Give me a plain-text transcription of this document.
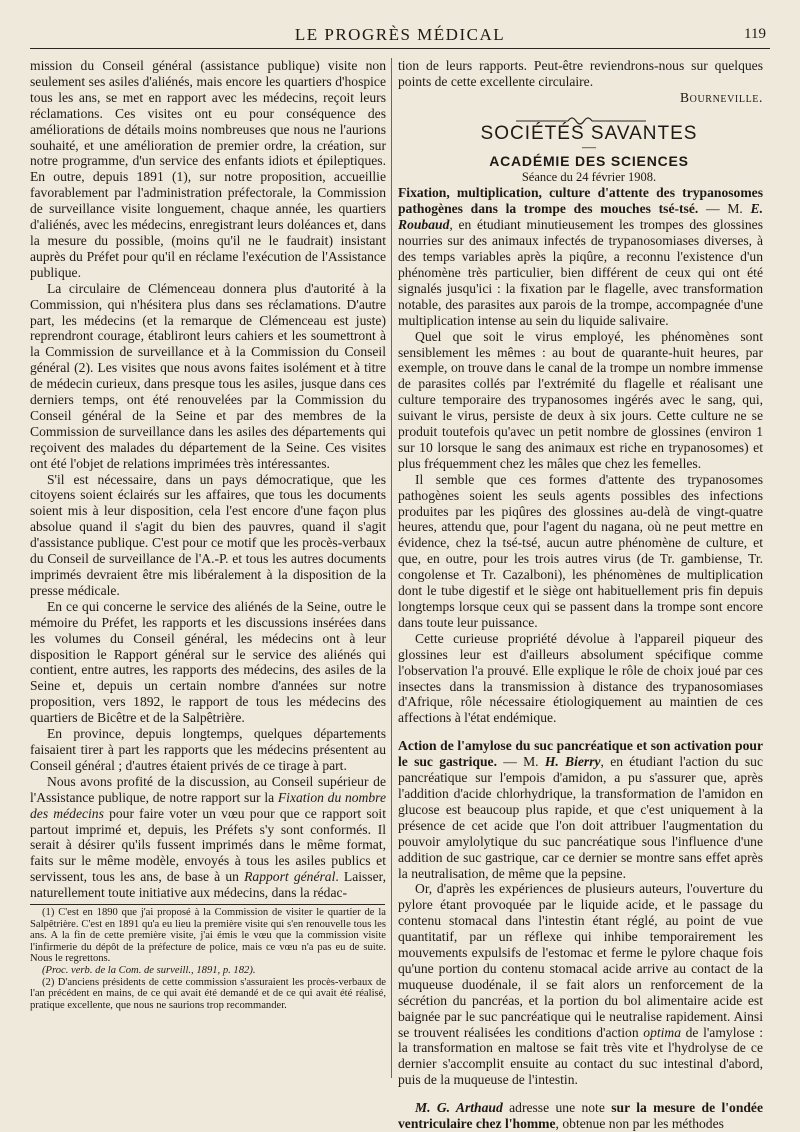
LE PROGRÈS MÉDICAL	119

mission du Conseil général (assistance publique) visite non seulement ses asiles d'aliénés, mais encore les quartiers d'hospice tous les ans, se met en rapport avec les médecins, reçoit leurs réclamations. Ces visites ont eu pour conséquence des améliorations de détails moins nombreuses que nous ne l'aurions souhaité, et une amélioration de premier ordre, la création, sur notre programme, d'un service des enfants idiots et épileptiques. En outre, depuis 1891 (1), sur notre proposition, accueillie favorablement par l'administration préfectorale, la Commission de surveillance visite longuement, chaque année, les quartiers d'aliénés, avec les médecins, enregistrant leurs doléances et, dans la mesure du possible, (moins qu'il ne le faudrait) insistant auprès du Préfet pour qu'il en réclame l'exécution de l'Assistance publique.

La circulaire de Clémenceau donnera plus d'autorité à la Commission, qui n'hésitera plus dans ses réclamations. D'autre part, les médecins (et la remarque de Clémenceau est juste) reprendront courage, établiront leurs cahiers et les soumettront à la Commission de surveillance et à la Commission du Conseil général (2). Les visites que nous avons faites isolément et à titre de médecin curieux, dans presque tous les asiles, jusque dans ces derniers temps, ont été renouvelées par la Commission du Conseil général de la Seine et par des membres de la Commission de surveillance dans les asiles des départements qui reçoivent des malades du département de la Seine. Ces visites ont été l'objet de relations imprimées très intéressantes.

S'il est nécessaire, dans un pays démocratique, que les citoyens soient éclairés sur les affaires, que tous les documents soient mis à leur disposition, cela l'est encore d'une façon plus absolue quand il s'agit du bien des pauvres, quand il s'agit d'assistance publique. C'est pour ce motif que les procès-verbaux du Conseil de surveillance de l'A.-P. et tous les autres documents imprimés devraient être mis libéralement à la disposition de la presse médicale.

En ce qui concerne le service des aliénés de la Seine, outre le mémoire du Préfet, les rapports et les discussions insérées dans les volumes du Conseil général, les médecins ont à leur disposition le Rapport général sur le service des aliénés qui contient, entre autres, les rapports des médecins, des asiles de la Seine et, depuis un certain nombre d'années sur notre proposition, vers 1892, le rapport de tous les médecins des quartiers de Bicêtre et de la Salpêtrière.

En province, depuis longtemps, quelques départements faisaient tirer à part les rapports que les médecins présentent au Conseil général ; d'autres étaient privés de ce tirage à part.

Nous avons profité de la discussion, au Conseil supérieur de l'Assistance publique, de notre rapport sur la Fixation du nombre des médecins pour faire voter un vœu pour que ce rapport soit partout imprimé et, depuis, les Préfets s'y sont conformés. Il serait à désirer qu'ils fussent imprimés dans le même format, faits sur le même modèle, envoyés à tous les asiles publics et servissent, tous les ans, de base à un Rapport général. Laisser, naturellement toute initiative aux médecins, dans la rédac-

(1) C'est en 1890 que j'ai proposé à la Commission de visiter le quartier de la Salpêtrière. C'est en 1891 qu'a eu lieu la première visite qui s'en renouvelle tous les ans. A la fin de cette première visite, j'ai émis le vœu que la commission visite l'infirmerie du dépôt de la préfecture de police, mais ce vœu n'a pas eu de suite. Nous le regrettons.

(Proc. verb. de la Com. de surveill., 1891, p. 182).

(2) D'anciens présidents de cette commission s'assuraient les procès-verbaux de l'an précédent en mains, de ce qui avait été demandé et de ce qui avait été réalisé, pratique excellente, que nous ne saurions trop recommander.

tion de leurs rapports. Peut-être reviendrons-nous sur quelques points de cette excellente circulaire.

Bourneville.

SOCIÉTÉS SAVANTES

—

ACADÉMIE DES SCIENCES

Séance du 24 février 1908.

Fixation, multiplication, culture d'attente des trypanosomes pathogènes dans la trompe des mouches tsé-tsé. — M. E. Roubaud, en étudiant minutieusement les trompes des glossines nourries sur des animaux infectés de trypanosomiases diverses, à des temps variables après la piqûre, a reconnu l'existence d'un phénomène très particulier, bien différent de ceux qui ont été signalés jusqu'ici : la fixation par le flagelle, avec transformation notable, des parasites aux parois de la trompe, accompagnée d'une multiplication intense au sein du liquide salivaire.

Quel que soit le virus employé, les phénomènes sont sensiblement les mêmes : au bout de quarante-huit heures, par exemple, on trouve dans le canal de la trompe un nombre immense de parasites collés par l'extrémité du flagelle et réalisant une culture temporaire des trypanosomes ingérés avec le sang, qui, suivant le virus, persiste de deux à six jours. Cette culture ne se produit toutefois qu'avec un petit nombre de glossines (environ 1 sur 10 lorsque le sang des animaux est riche en trypanosomes) et plus fréquemment chez les mâles que chez les femelles.

Il semble que ces formes d'attente des trypanosomes pathogènes soient les seuls agents possibles des infections produites par les piqûres des glossines au-delà de vingt-quatre heures, attendu que, pour l'agent du nagana, où ne peut mettre en évidence, chez la tsé-tsé, aucun autre phénomène de culture, et que, en outre, pour les trois autres virus (de Tr. gambiense, Tr. congolense et Tr. Cazalboni), les phénomènes de multiplication dont le tube digestif et le siège ont habituellement pris fin depuis longtemps lorsque ceux qui se passent dans la trompe sont encore dans toute leur puissance.

Cette curieuse propriété dévolue à l'appareil piqueur des glossines leur est d'ailleurs absolument spécifique comme l'observation l'a prouvé. Elle explique le rôle de choix joué par ces insectes dans la transmission à distance des trypanosomiases d'Afrique, rôle nécessaire étiologiquement au maintien de ces affections à l'état endémique.

Action de l'amylose du suc pancréatique et son activation pour le suc gastrique. — M. H. Bierry, en étudiant l'action du suc pancréatique sur l'empois d'amidon, a pu s'assurer que, après l'addition d'acide chlorhydrique, la transformation de l'amidon en glucose est beaucoup plus rapide, et que c'est uniquement à la présence de cet acide que l'on doit attribuer l'augmentation du pouvoir amylolytique du suc pancréatique sous l'influence d'une addition de suc gastrique, car ce dernier se montre sans effet après la neutralisation, de même que la pepsine.

Or, d'après les expériences de plusieurs auteurs, l'ouverture du pylore étant provoquée par le liquide acide, et le passage du contenu stomacal dans l'intestin étant réglé, au point de vue quantitatif, par un réflexe qui inhibe temporairement les mouvements expulsifs de l'estomac et ferme le pylore chaque fois qu'une portion du contenu stomacal acide arrive au contact de la muqueuse duodénale, il se fait alors un renforcement de la sécrétion du pancréas, et la portion du bol alimentaire acide est baignée par le suc pancréatique qui le neutralise rapidement. Ainsi se trouvent réalisées les conditions d'action optima de l'amylose : la transformation en maltose se fait très vite et l'hydrolyse de ce dernier s'accomplit ensuite au contact du suc intestinal d'abord, puis de la muqueuse de l'intestin.

M. G. Arthaud adresse une note sur la mesure de l'ondée ventriculaire chez l'homme, obtenue non par les méthodes
